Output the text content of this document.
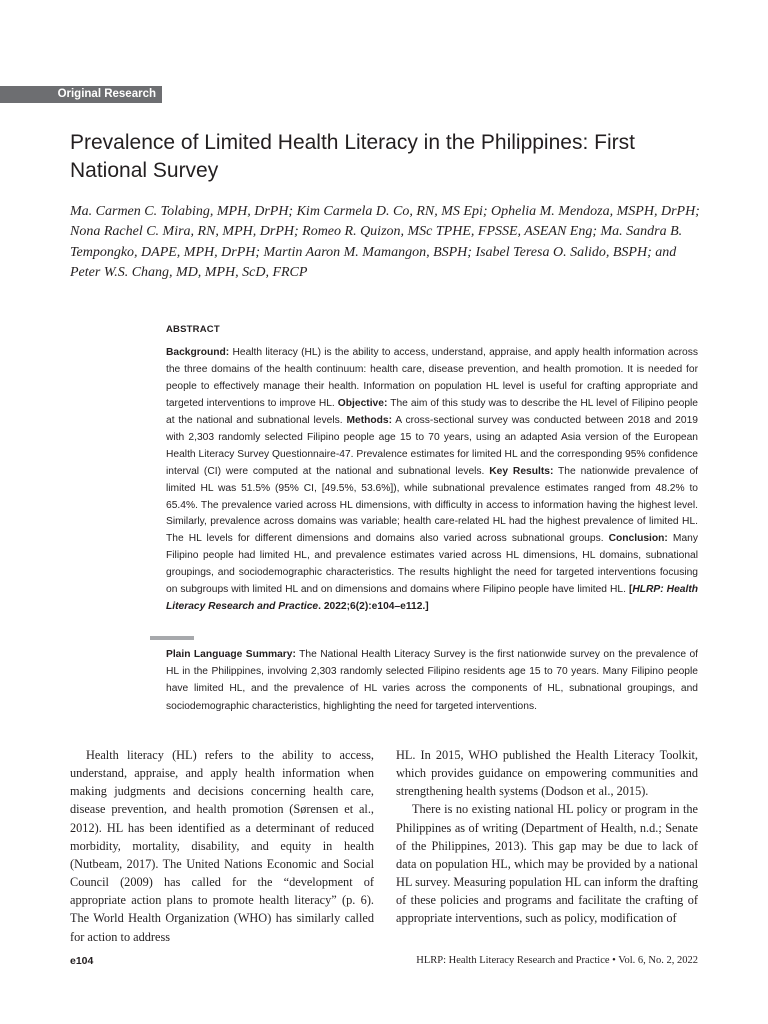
Original Research
Prevalence of Limited Health Literacy in the Philippines: First National Survey

Ma. Carmen C. Tolabing, MPH, DrPH; Kim Carmela D. Co, RN, MS Epi; Ophelia M. Mendoza, MSPH, DrPH; Nona Rachel C. Mira, RN, MPH, DrPH; Romeo R. Quizon, MSc TPHE, FPSSE, ASEAN Eng; Ma. Sandra B. Tempongko, DAPE, MPH, DrPH; Martin Aaron M. Mamangon, BSPH; Isabel Teresa O. Salido, BSPH; and Peter W.S. Chang, MD, MPH, ScD, FRCP

ABSTRACT

Background: Health literacy (HL) is the ability to access, understand, appraise, and apply health information across the three domains of the health continuum: health care, disease prevention, and health promotion. It is needed for people to effectively manage their health. Information on population HL level is useful for crafting appropriate and targeted interventions to improve HL. Objective: The aim of this study was to describe the HL level of Filipino people at the national and subnational levels. Methods: A cross-sectional survey was conducted between 2018 and 2019 with 2,303 randomly selected Filipino people age 15 to 70 years, using an adapted Asia version of the European Health Literacy Survey Questionnaire-47. Prevalence estimates for limited HL and the corresponding 95% confidence interval (CI) were computed at the national and subnational levels. Key Results: The nationwide prevalence of limited HL was 51.5% (95% CI, [49.5%, 53.6%]), while subnational prevalence estimates ranged from 48.2% to 65.4%. The prevalence varied across HL dimensions, with difficulty in access to information having the highest level. Similarly, prevalence across domains was variable; health care-related HL had the highest prevalence of limited HL. The HL levels for different dimensions and domains also varied across subnational groups. Conclusion: Many Filipino people had limited HL, and prevalence estimates varied across HL dimensions, HL domains, subnational groupings, and sociodemographic characteristics. The results highlight the need for targeted interventions focusing on subgroups with limited HL and on dimensions and domains where Filipino people have limited HL. [HLRP: Health Literacy Research and Practice. 2022;6(2):e104–e112.]

Plain Language Summary: The National Health Literacy Survey is the first nationwide survey on the prevalence of HL in the Philippines, involving 2,303 randomly selected Filipino residents age 15 to 70 years. Many Filipino people have limited HL, and the prevalence of HL varies across the components of HL, subnational groupings, and sociodemographic characteristics, highlighting the need for targeted interventions.

Health literacy (HL) refers to the ability to access, understand, appraise, and apply health information when making judgments and decisions concerning health care, disease prevention, and health promotion (Sørensen et al., 2012). HL has been identified as a determinant of reduced morbidity, mortality, disability, and equity in health (Nutbeam, 2017). The United Nations Economic and Social Council (2009) has called for the “development of appropriate action plans to promote health literacy” (p. 6). The World Health Organization (WHO) has similarly called for action to address

HL. In 2015, WHO published the Health Literacy Toolkit, which provides guidance on empowering communities and strengthening health systems (Dodson et al., 2015).

There is no existing national HL policy or program in the Philippines as of writing (Department of Health, n.d.; Senate of the Philippines, 2013). This gap may be due to lack of data on population HL, which may be provided by a national HL survey. Measuring population HL can inform the drafting of these policies and programs and facilitate the crafting of appropriate interventions, such as policy, modification of

e104	HLRP: Health Literacy Research and Practice • Vol. 6, No. 2, 2022
